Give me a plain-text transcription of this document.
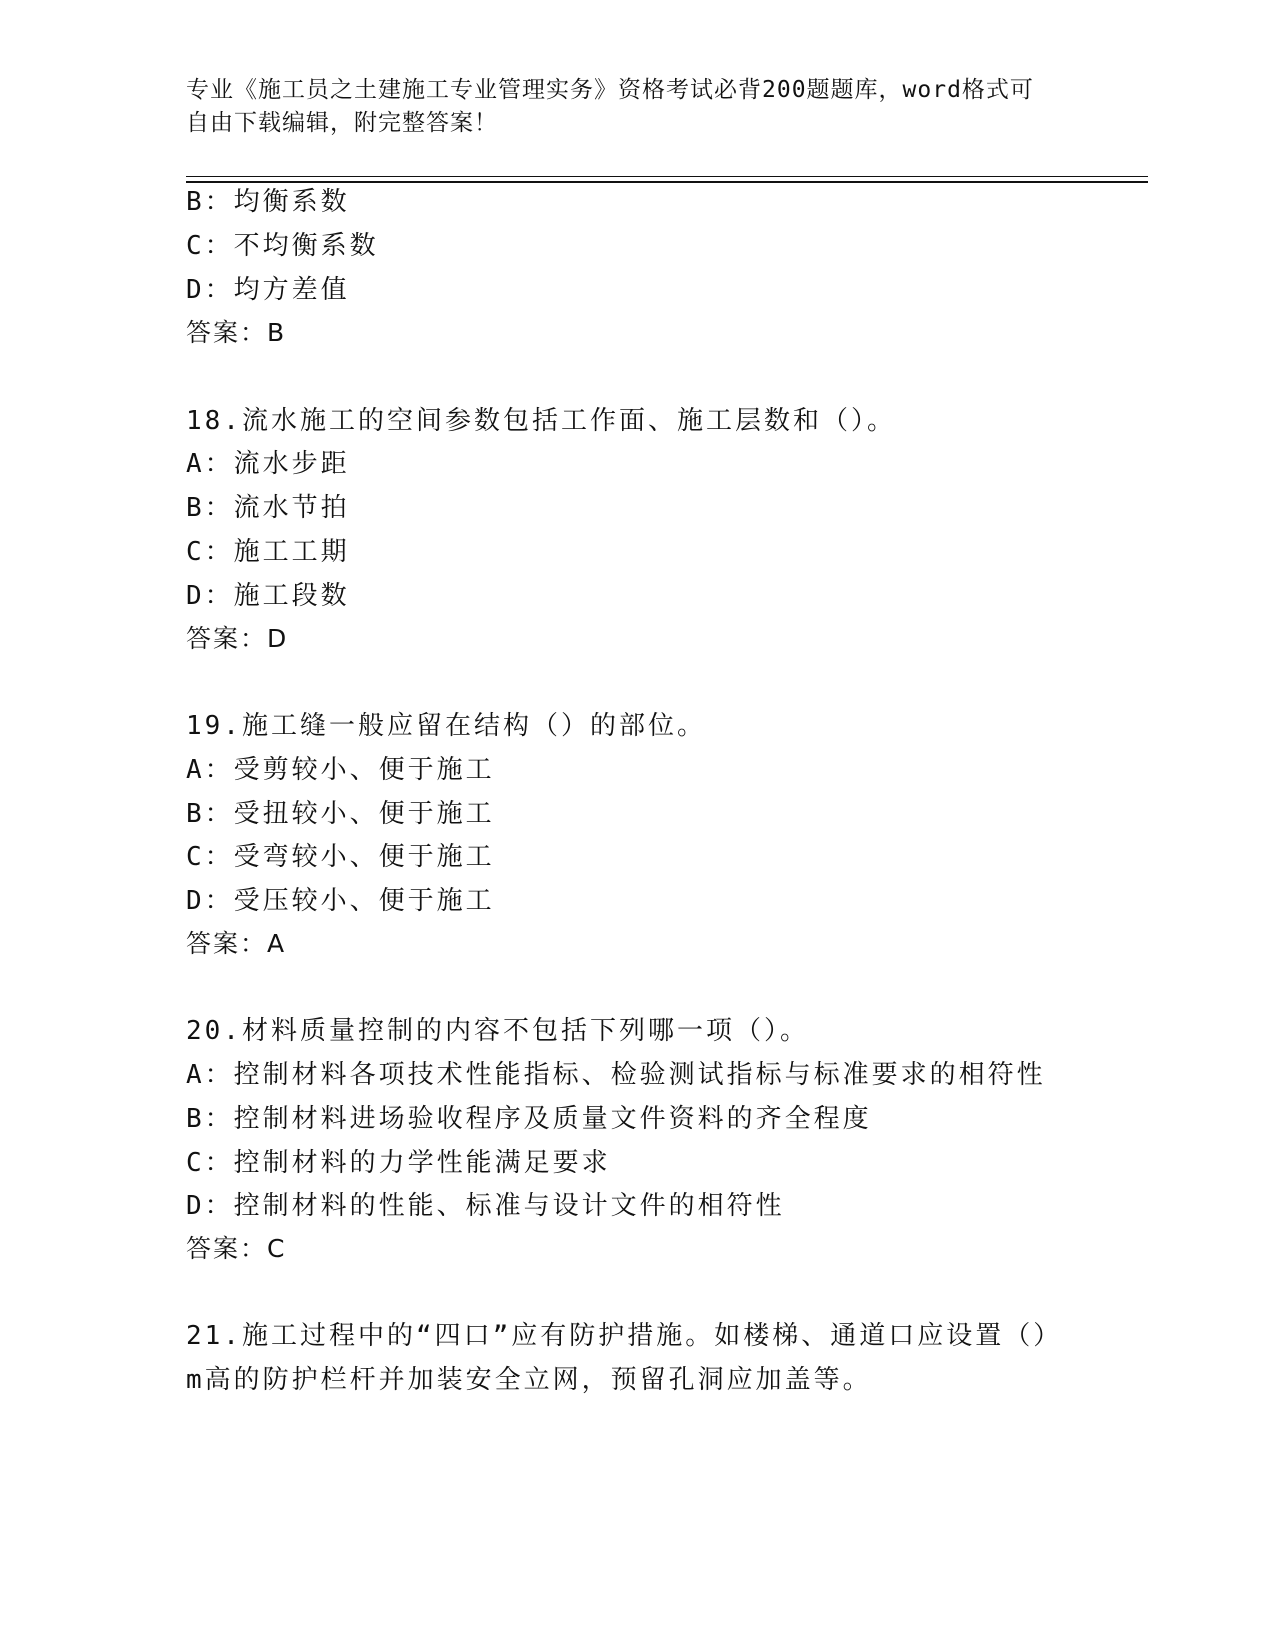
专业《施工员之土建施工专业管理实务》资格考试必背200题题库，word格式可
自由下载编辑，附完整答案！
B：均衡系数
C：不均衡系数
D：均方差值
答案：B
18.流水施工的空间参数包括工作面、施工层数和（）。
A：流水步距
B：流水节拍
C：施工工期
D：施工段数
答案：D
19.施工缝一般应留在结构（）的部位。
A：受剪较小、便于施工
B：受扭较小、便于施工
C：受弯较小、便于施工
D：受压较小、便于施工
答案：A
20.材料质量控制的内容不包括下列哪一项（）。
A：控制材料各项技术性能指标、检验测试指标与标准要求的相符性
B：控制材料进场验收程序及质量文件资料的齐全程度
C：控制材料的力学性能满足要求
D：控制材料的性能、标准与设计文件的相符性
答案：C
21.施工过程中的“四口”应有防护措施。如楼梯、通道口应设置（）
m高的防护栏杆并加装安全立网，预留孔洞应加盖等。
